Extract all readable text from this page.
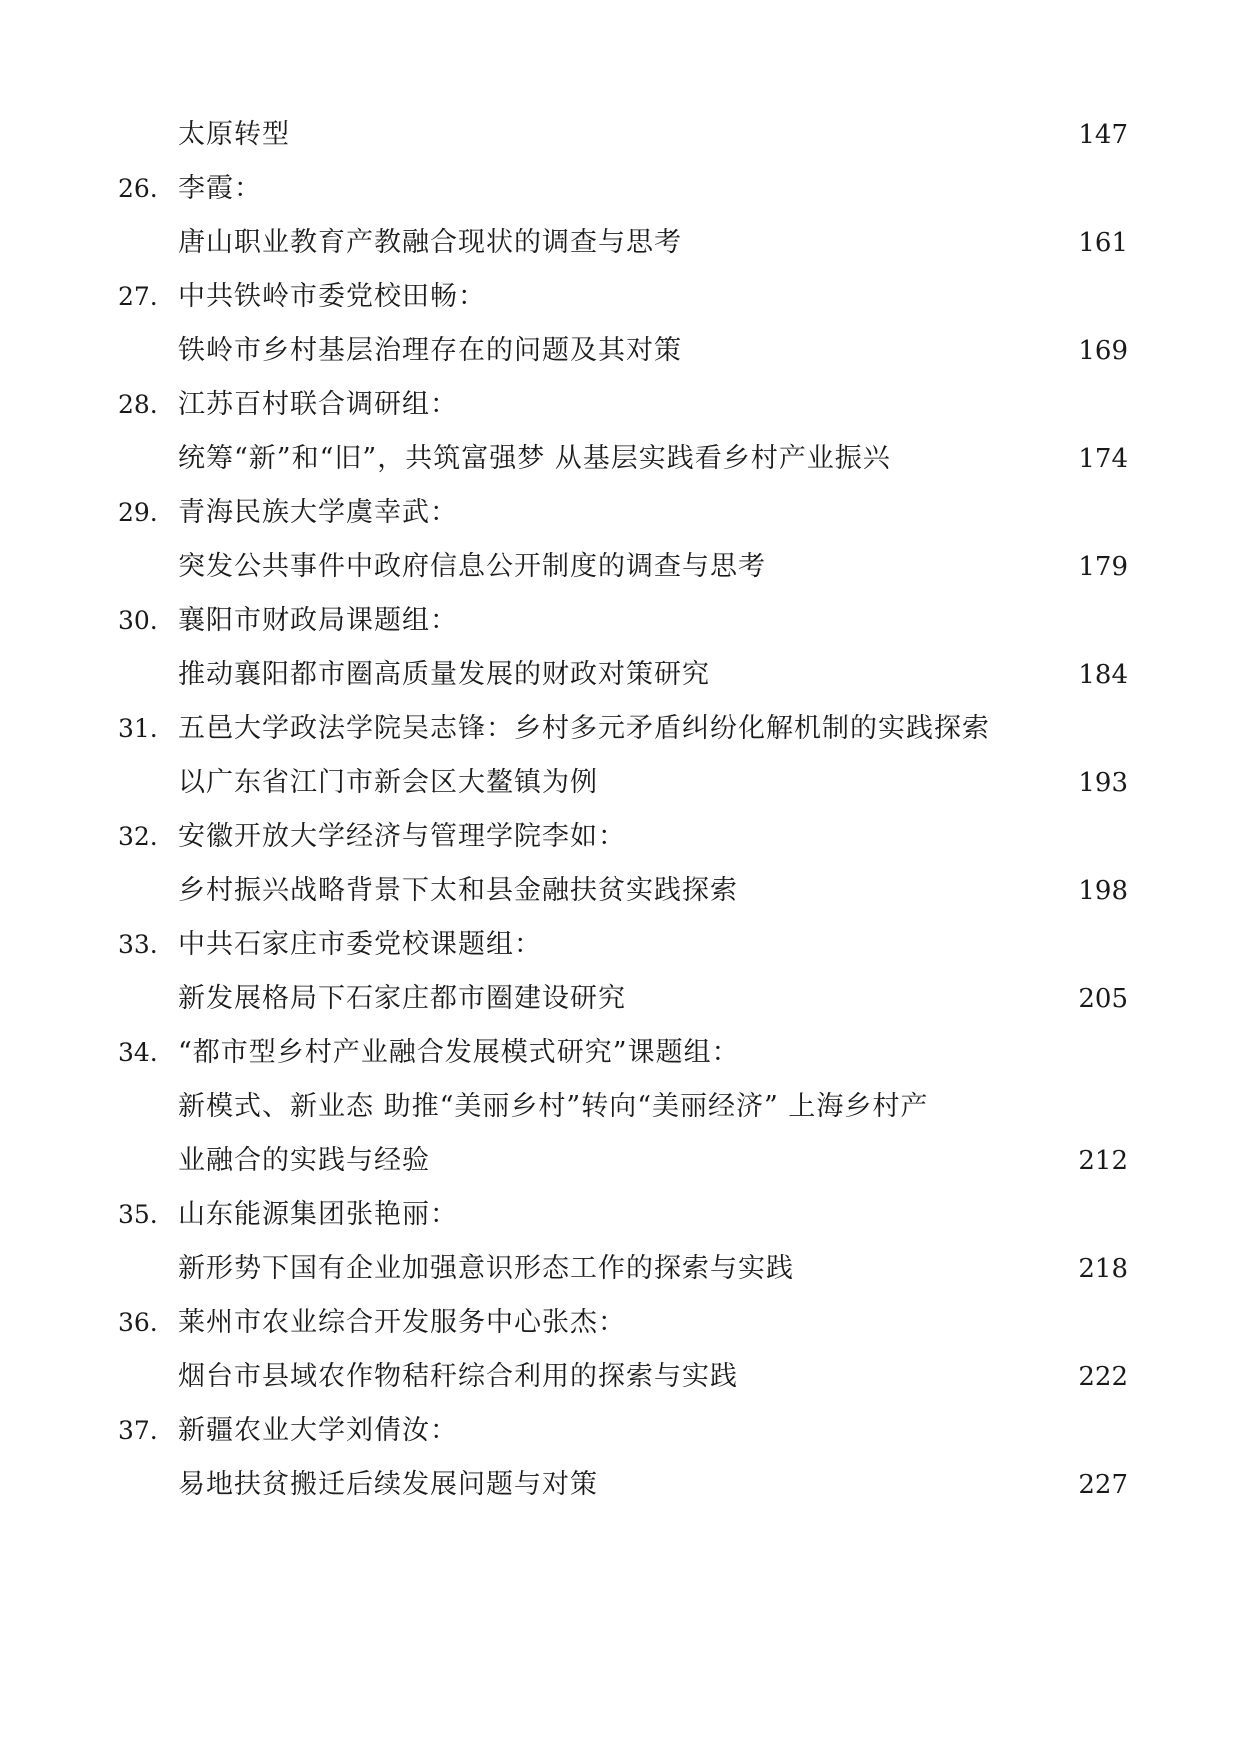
太原转型	147
26. 李霞：
唐山职业教育产教融合现状的调查与思考	161
27. 中共铁岭市委党校田畅：
铁岭市乡村基层治理存在的问题及其对策	169
28. 江苏百村联合调研组：
统筹“新”和“旧”，共筑富强梦 从基层实践看乡村产业振兴	174
29. 青海民族大学虞幸武：
突发公共事件中政府信息公开制度的调查与思考	179
30. 襄阳市财政局课题组：
推动襄阳都市圈高质量发展的财政对策研究	184
31. 五邑大学政法学院吴志锋：乡村多元矛盾纠纷化解机制的实践探索
以广东省江门市新会区大鳌镇为例	193
32. 安徽开放大学经济与管理学院李如：
乡村振兴战略背景下太和县金融扶贫实践探索	198
33. 中共石家庄市委党校课题组：
新发展格局下石家庄都市圈建设研究	205
34. “都市型乡村产业融合发展模式研究”课题组：
新模式、新业态 助推“美丽乡村”转向“美丽经济” 上海乡村产
业融合的实践与经验	212
35. 山东能源集团张艳丽：
新形势下国有企业加强意识形态工作的探索与实践	218
36. 莱州市农业综合开发服务中心张杰：
烟台市县域农作物秸秆综合利用的探索与实践	222
37. 新疆农业大学刘倩汝：
易地扶贫搬迁后续发展问题与对策	227
